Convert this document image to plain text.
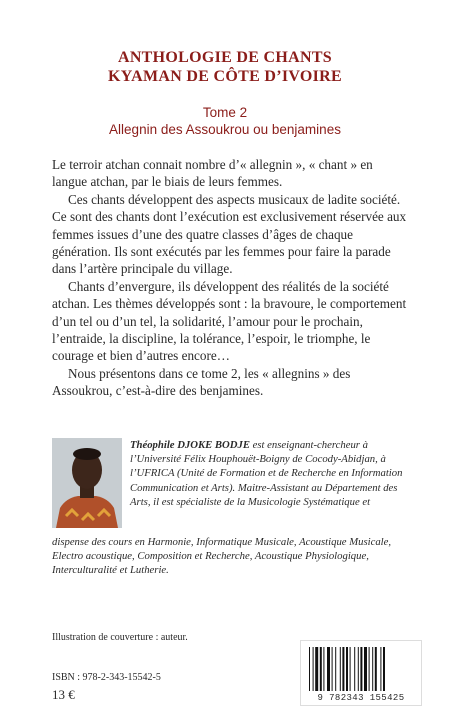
ANTHOLOGIE DE CHANTS
KYAMAN DE CÔTE D’IVOIRE
Tome 2
Allegnin des Assoukrou ou benjamines

Le terroir atchan connait nombre d’« allegnin », « chant » en langue atchan, par le biais de leurs femmes.

Ces chants développent des aspects musicaux de ladite société. Ce sont des chants dont l’exécution est exclusivement réservée aux femmes issues d’une des quatre classes d’âges de chaque génération. Ils sont exécutés par les femmes pour faire la parade dans l’artère principale du village.

Chants d’envergure, ils développent des réalités de la société atchan. Les thèmes développés sont : la bravoure, le comportement d’un tel ou d’un tel, la solidarité, l’amour pour le prochain, l’entraide, la discipline, la tolérance, l’espoir, le triomphe, le courage et bien d’autres encore…

Nous présentons dans ce tome 2, les « allegnins » des Assoukrou, c’est-à-dire des benjamines.

Théophile DJOKE BODJE est enseignant-chercheur à l’Université Félix Houphouët-Boigny de Cocody-Abidjan, à l’UFRICA (Unité de Formation et de Recherche en Information Communication et Arts). Maitre-Assistant au Département des Arts, il est spécialiste de la Musicologie Systématique et

dispense des cours en Harmonie, Informatique Musicale, Acoustique Musicale, Electro acoustique, Composition et Recherche, Acoustique Physiologique, Interculturalité et Lutherie.

Illustration de couverture : auteur.
ISBN : 978-2-343-15542-5
13 €	9 782343 155425
